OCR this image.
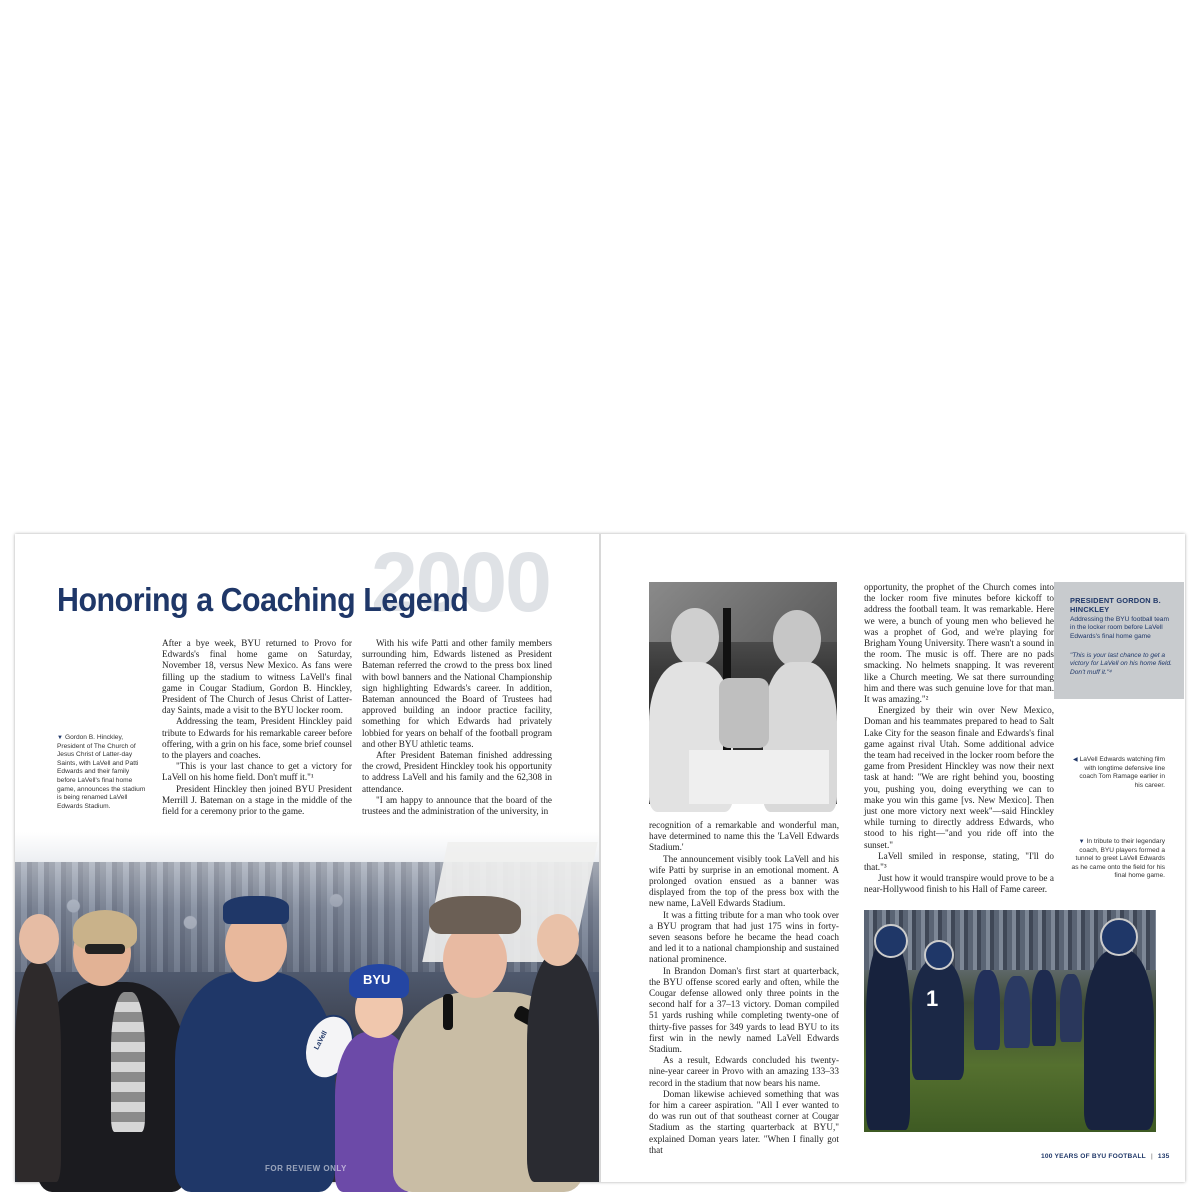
2000
Honoring a Coaching Legend
▼ Gordon B. Hinckley, President of The Church of Jesus Christ of Latter-day Saints, with LaVell and Patti Edwards and their family before LaVell's final home game, announces the stadium is being renamed LaVell Edwards Stadium.

After a bye week, BYU returned to Provo for Edwards's final home game on Saturday, November 18, versus New Mexico. As fans were filling up the stadium to witness LaVell's final game in Cougar Stadium, Gordon B. Hinckley, President of The Church of Jesus Christ of Latter-day Saints, made a visit to the BYU locker room.

Addressing the team, President Hinckley paid tribute to Edwards for his remarkable career before offering, with a grin on his face, some brief counsel to the players and coaches.

"This is your last chance to get a victory for LaVell on his home field. Don't muff it."¹

President Hinckley then joined BYU President Merrill J. Bateman on a stage in the middle of the field for a ceremony prior to the game.

With his wife Patti and other family members surrounding him, Edwards listened as President Bateman referred the crowd to the press box lined with bowl banners and the National Championship sign highlighting Edwards's career. In addition, Bateman announced the Board of Trustees had approved building an indoor practice facility, something for which Edwards had privately lobbied for years on behalf of the football program and other BYU athletic teams.

After President Bateman finished addressing the crowd, President Hinckley took his opportunity to address LaVell and his family and the 62,308 in attendance.

"I am happy to announce that the board of the trustees and the administration of the university, in

LaVell
BYU
FOR REVIEW ONLY

recognition of a remarkable and wonderful man, have determined to name this the 'LaVell Edwards Stadium.'

The announcement visibly took LaVell and his wife Patti by surprise in an emotional moment. A prolonged ovation ensued as a banner was displayed from the top of the press box with the new name, LaVell Edwards Stadium.

It was a fitting tribute for a man who took over a BYU program that had just 175 wins in forty-seven seasons before he became the head coach and led it to a national championship and sustained national prominence.

In Brandon Doman's first start at quarterback, the BYU offense scored early and often, while the Cougar defense allowed only three points in the second half for a 37–13 victory. Doman compiled 51 yards rushing while completing twenty-one of thirty-five passes for 349 yards to lead BYU to its first win in the newly named LaVell Edwards Stadium.

As a result, Edwards concluded his twenty-nine-year career in Provo with an amazing 133–33 record in the stadium that now bears his name.

Doman likewise achieved something that was for him a career aspiration. "All I ever wanted to do was run out of that southeast corner at Cougar Stadium as the starting quarterback at BYU," explained Doman years later. "When I finally got that

opportunity, the prophet of the Church comes into the locker room five minutes before kickoff to address the football team. It was remarkable. Here we were, a bunch of young men who believed he was a prophet of God, and we're playing for Brigham Young University. There wasn't a sound in the room. The music is off. There are no pads smacking. No helmets snapping. It was reverent like a Church meeting. We sat there surrounding him and there was such genuine love for that man. It was amazing."²

Energized by their win over New Mexico, Doman and his teammates prepared to head to Salt Lake City for the season finale and Edwards's final game against rival Utah. Some additional advice the team had received in the locker room before the game from President Hinckley was now their next task at hand: "We are right behind you, boosting you, pushing you, doing everything we can to make you win this game [vs. New Mexico]. Then just one more victory next week"—said Hinckley while turning to directly address Edwards, who stood to his right—"and you ride off into the sunset."

LaVell smiled in response, stating, "I'll do that."³

Just how it would transpire would prove to be a near-Hollywood finish to his Hall of Fame career.

PRESIDENT GORDON B. HINCKLEY
Addressing the BYU football team in the locker room before LaVell Edwards's final home game
"This is your last chance to get a victory for LaVell on his home field. Don't muff it."⁴
◀ LaVell Edwards watching film with longtime defensive line coach Tom Ramage earlier in his career.
▼ In tribute to their legendary coach, BYU players formed a tunnel to greet LaVell Edwards as he came onto the field for his final home game.
1
100 YEARS OF BYU FOOTBALL | 135
